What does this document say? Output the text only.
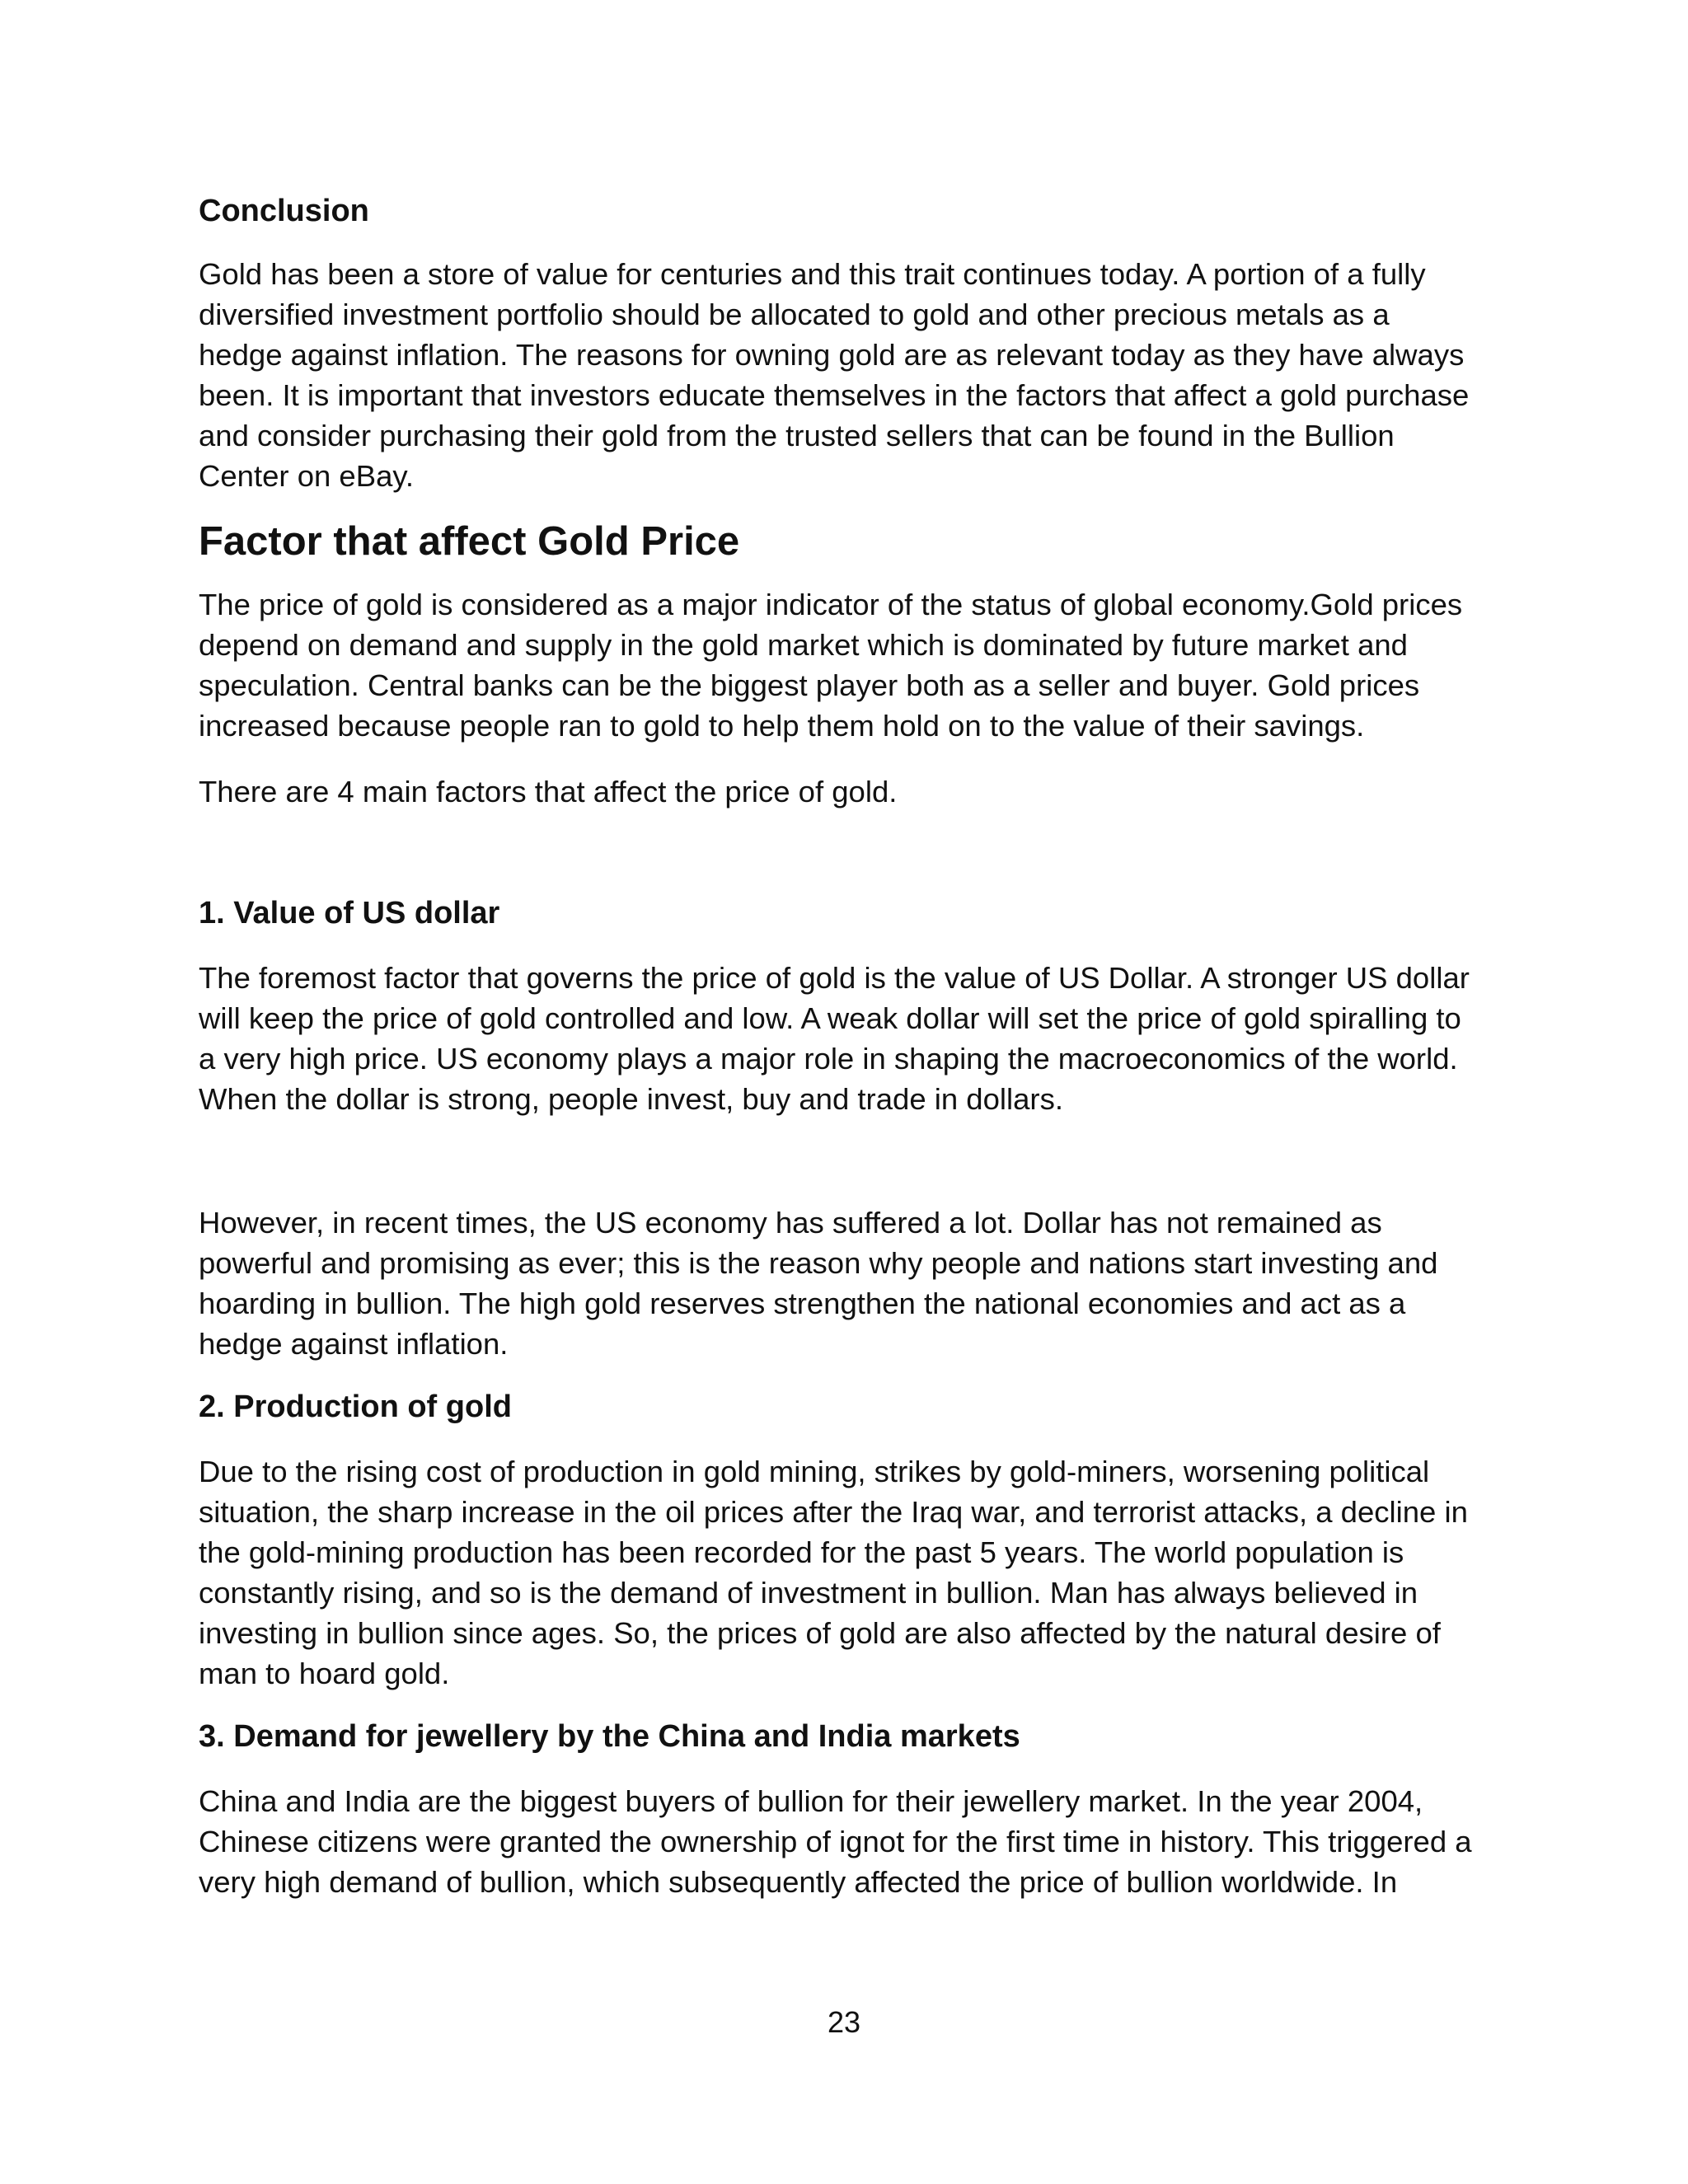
Conclusion

Gold has been a store of value for centuries and this trait continues today. A portion of a fully
diversified investment portfolio should be allocated to gold and other precious metals as a
hedge against inflation. The reasons for owning gold are as relevant today as they have always
been. It is important that investors educate themselves in the factors that affect a gold purchase
and consider purchasing their gold from the trusted sellers that can be found in the Bullion
Center on eBay.

Factor that affect Gold Price

The price of gold is considered as a major indicator of the status of global economy.Gold prices
depend on demand and supply in the gold market which is dominated by future market and
speculation. Central banks can be the biggest player both as a seller and buyer. Gold prices
increased because people ran to gold to help them hold on to the value of their savings.

There are 4 main factors that affect the price of gold.

1. Value of US dollar

The foremost factor that governs the price of gold is the value of US Dollar. A stronger US dollar
will keep the price of gold controlled and low. A weak dollar will set the price of gold spiralling to
a very high price. US economy plays a major role in shaping the macroeconomics of the world.
When the dollar is strong, people invest, buy and trade in dollars.

However, in recent times, the US economy has suffered a lot. Dollar has not remained as
powerful and promising as ever; this is the reason why people and nations start investing and
hoarding in bullion. The high gold reserves strengthen the national economies and act as a
hedge against inflation.

2. Production of gold

Due to the rising cost of production in gold mining, strikes by gold-miners, worsening political
situation, the sharp increase in the oil prices after the Iraq war, and terrorist attacks, a decline in
the gold-mining production has been recorded for the past 5 years. The world population is
constantly rising, and so is the demand of investment in bullion. Man has always believed in
investing in bullion since ages. So, the prices of gold are also affected by the natural desire of
man to hoard gold.

3. Demand for jewellery by the China and India markets

China and India are the biggest buyers of bullion for their jewellery market. In the year 2004,
Chinese citizens were granted the ownership of ignot for the first time in history. This triggered a
very high demand of bullion, which subsequently affected the price of bullion worldwide. In

23
